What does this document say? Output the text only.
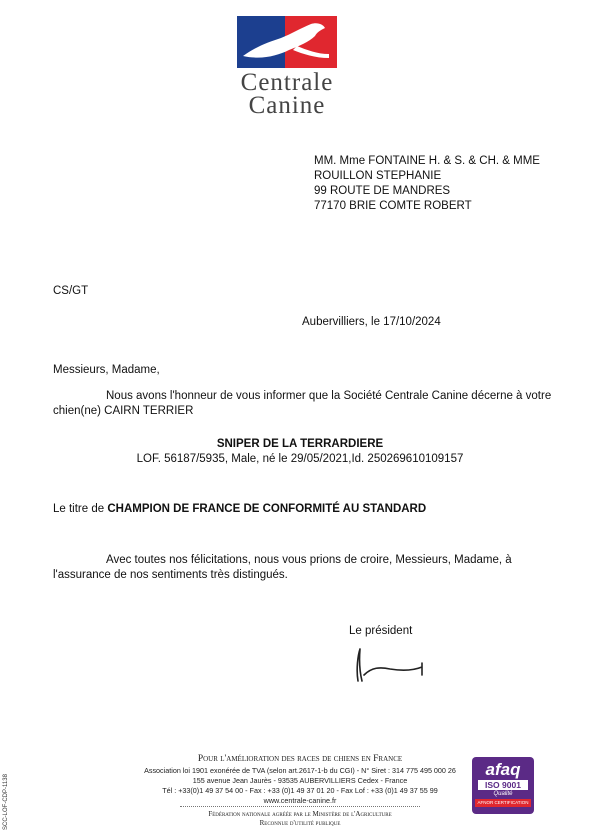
Centrale
Canine
MM. Mme FONTAINE H. & S. & CH. & MME
ROUILLON STEPHANIE
99 ROUTE DE MANDRES
77170 BRIE COMTE ROBERT
CS/GT
Aubervilliers, le 17/10/2024
Messieurs, Madame,
Nous avons l'honneur de vous informer que la Société Centrale Canine décerne à votre
chien(ne) CAIRN TERRIER
SNIPER DE LA TERRARDIERE
LOF. 56187/5935, Male, né le 29/05/2021,Id. 250269610109157
Le titre de CHAMPION DE FRANCE DE CONFORMITÉ AU STANDARD
Avec toutes nos félicitations, nous vous prions de croire, Messieurs, Madame, à
l'assurance de nos sentiments très distingués.
Le président
SCC-LOF-CDP-1138
Pour l'amélioration des races de chiens en France
Association loi 1901 exonérée de TVA (selon art.2617-1-b du CGI) - N° Siret : 314 775 495 000 26
155 avenue Jean Jaurès - 93535 AUBERVILLIERS Cedex - France
Tél : +33(0)1 49 37 54 00 - Fax : +33 (0)1 49 37 01 20 - Fax Lof : +33 (0)1 49 37 55 99
www.centrale-canine.fr
Fédération nationale agréée par le Ministère de l'Agriculture
Reconnue d'utilité publique
afaq
ISO 9001
Qualité
AFNOR CERTIFICATION
